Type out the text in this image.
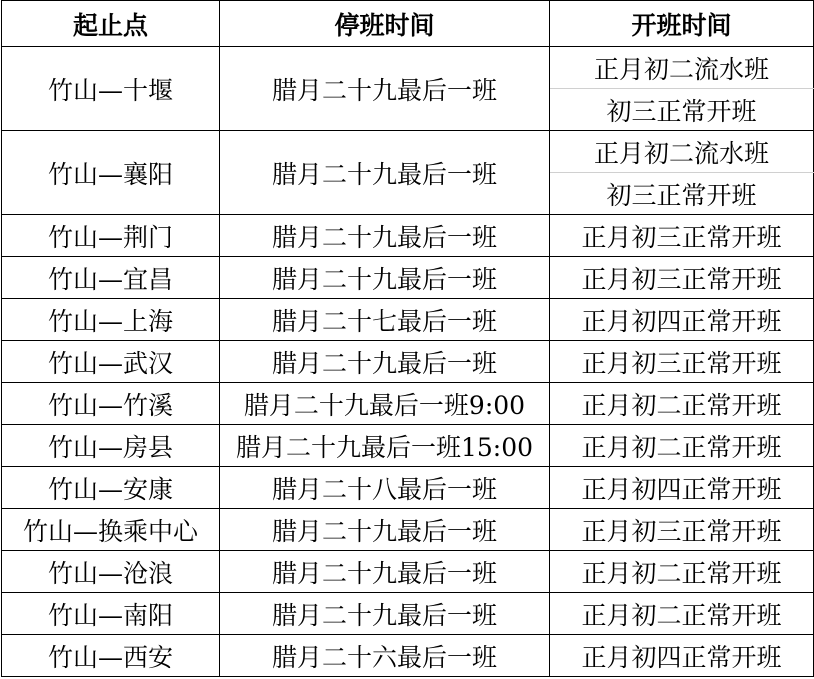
起止点	停班时间	开班时间
竹山—十堰	腊月二十九最后一班	正月初二流水班
		初三正常开班
竹山—襄阳	腊月二十九最后一班	正月初二流水班
		初三正常开班
竹山—荆门	腊月二十九最后一班	正月初三正常开班
竹山—宜昌	腊月二十九最后一班	正月初三正常开班
竹山—上海	腊月二十七最后一班	正月初四正常开班
竹山—武汉	腊月二十九最后一班	正月初三正常开班
竹山—竹溪	腊月二十九最后一班9:00	正月初二正常开班
竹山—房县	腊月二十九最后一班15:00	正月初二正常开班
竹山—安康	腊月二十八最后一班	正月初四正常开班
竹山—换乘中心	腊月二十九最后一班	正月初三正常开班
竹山—沧浪	腊月二十九最后一班	正月初二正常开班
竹山—南阳	腊月二十九最后一班	正月初二正常开班
竹山—西安	腊月二十六最后一班	正月初四正常开班
